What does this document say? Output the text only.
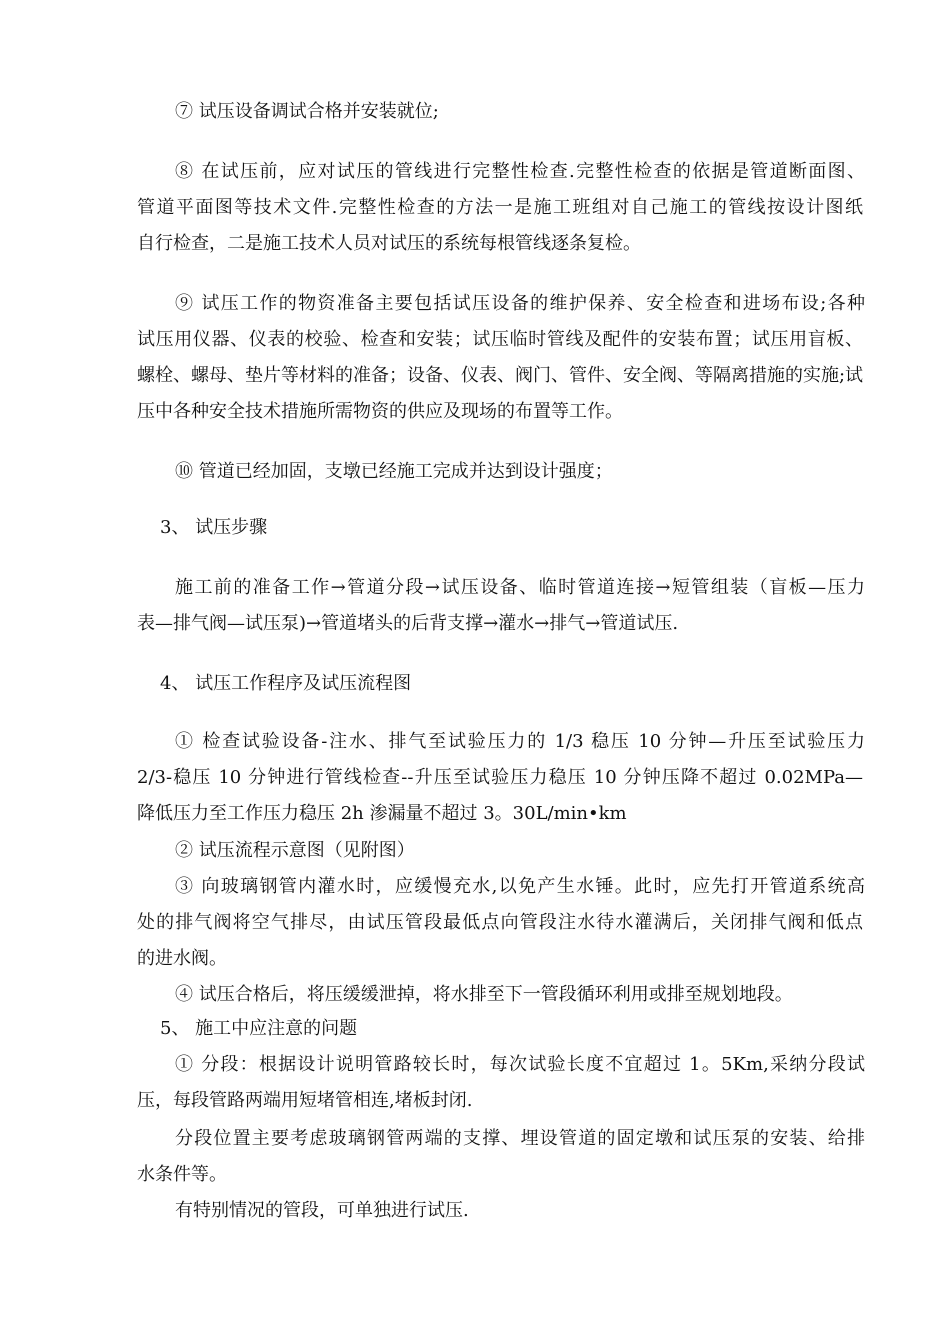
⑦ 试压设备调试合格并安装就位;
⑧ 在试压前，应对试压的管线进行完整性检查.完整性检查的依据是管道断面图、
管道平面图等技术文件.完整性检查的方法一是施工班组对自己施工的管线按设计图纸
自行检查，二是施工技术人员对试压的系统每根管线逐条复检。
⑨ 试压工作的物资准备主要包括试压设备的维护保养、安全检查和进场布设;各种
试压用仪器、仪表的校验、检查和安装；试压临时管线及配件的安装布置；试压用盲板、
螺栓、螺母、垫片等材料的准备；设备、仪表、阀门、管件、安全阀、等隔离措施的实施;试
压中各种安全技术措施所需物资的供应及现场的布置等工作。
⑩ 管道已经加固，支墩已经施工完成并达到设计强度；
3、 试压步骤
施工前的准备工作→管道分段→试压设备、临时管道连接→短管组装（盲板—压力
表—排气阀—试压泵)→管道堵头的后背支撑→灌水→排气→管道试压.
4、 试压工作程序及试压流程图
① 检查试验设备-注水、排气至试验压力的 1/3 稳压 10 分钟—升压至试验压力
2/3-稳压 10 分钟进行管线检查--升压至试验压力稳压 10 分钟压降不超过 0.02MPa—
降低压力至工作压力稳压 2h 渗漏量不超过 3。30L/min•km
② 试压流程示意图（见附图）
③ 向玻璃钢管内灌水时，应缓慢充水,以免产生水锤。此时，应先打开管道系统高
处的排气阀将空气排尽，由试压管段最低点向管段注水待水灌满后，关闭排气阀和低点
的进水阀。
④ 试压合格后，将压缓缓泄掉，将水排至下一管段循环利用或排至规划地段。
5、 施工中应注意的问题
① 分段：根据设计说明管路较长时，每次试验长度不宜超过 1。5Km,采纳分段试
压，每段管路两端用短堵管相连,堵板封闭.
分段位置主要考虑玻璃钢管两端的支撑、埋设管道的固定墩和试压泵的安装、给排
水条件等。
有特别情况的管段，可单独进行试压.
